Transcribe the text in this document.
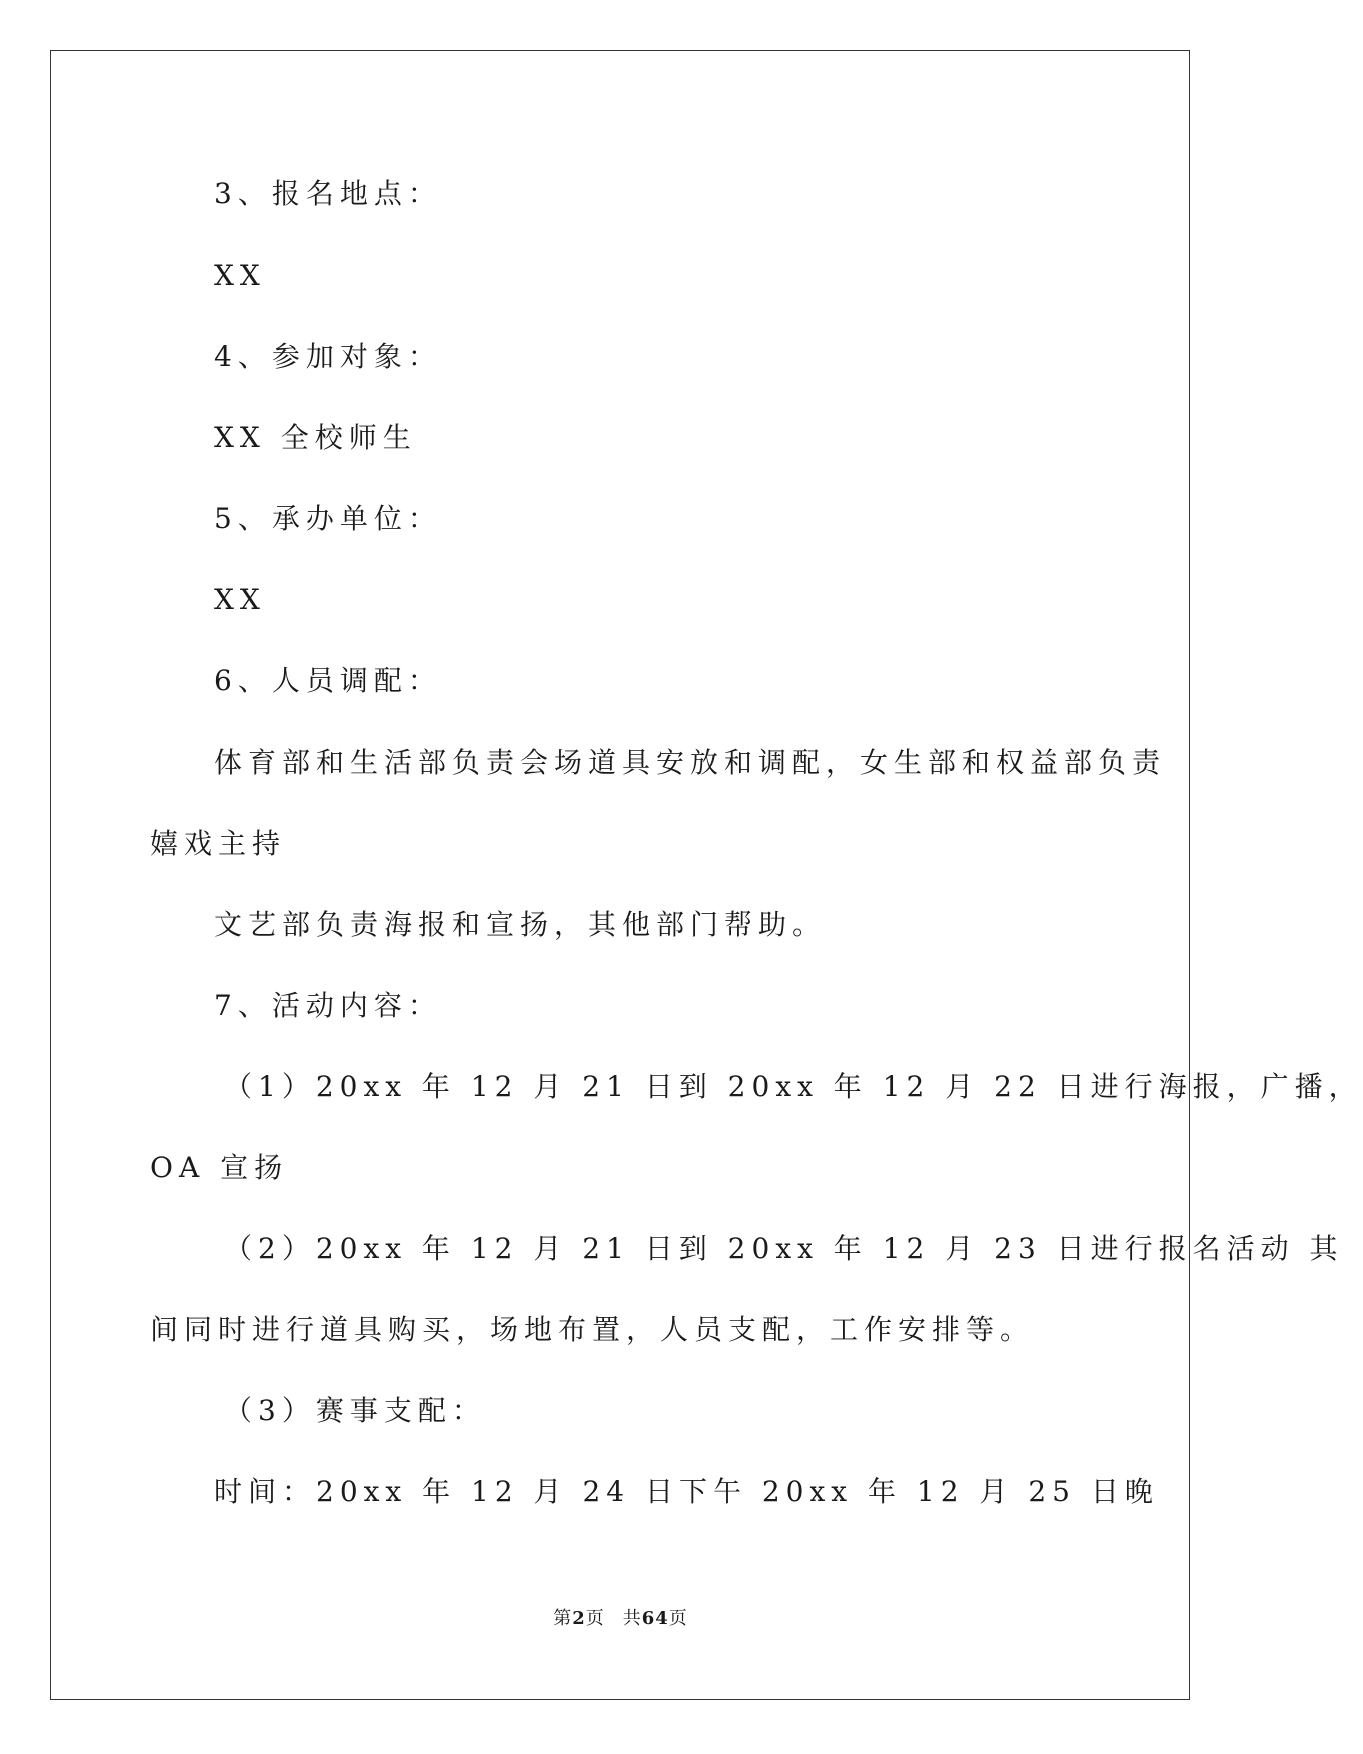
3、报名地点：
XX
4、参加对象：
XX 全校师生
5、承办单位：
XX
6、人员调配：
体育部和生活部负责会场道具安放和调配，女生部和权益部负责
嬉戏主持
文艺部负责海报和宣扬，其他部门帮助。
7、活动内容：
（1）20xx 年 12 月 21 日到 20xx 年 12 月 22 日进行海报，广播，
OA 宣扬
（2）20xx 年 12 月 21 日到 20xx 年 12 月 23 日进行报名活动 其
间同时进行道具购买，场地布置，人员支配，工作安排等。
（3）赛事支配：
时间：20xx 年 12 月 24 日下午 20xx 年 12 月 25 日晚
第2页 共64页
